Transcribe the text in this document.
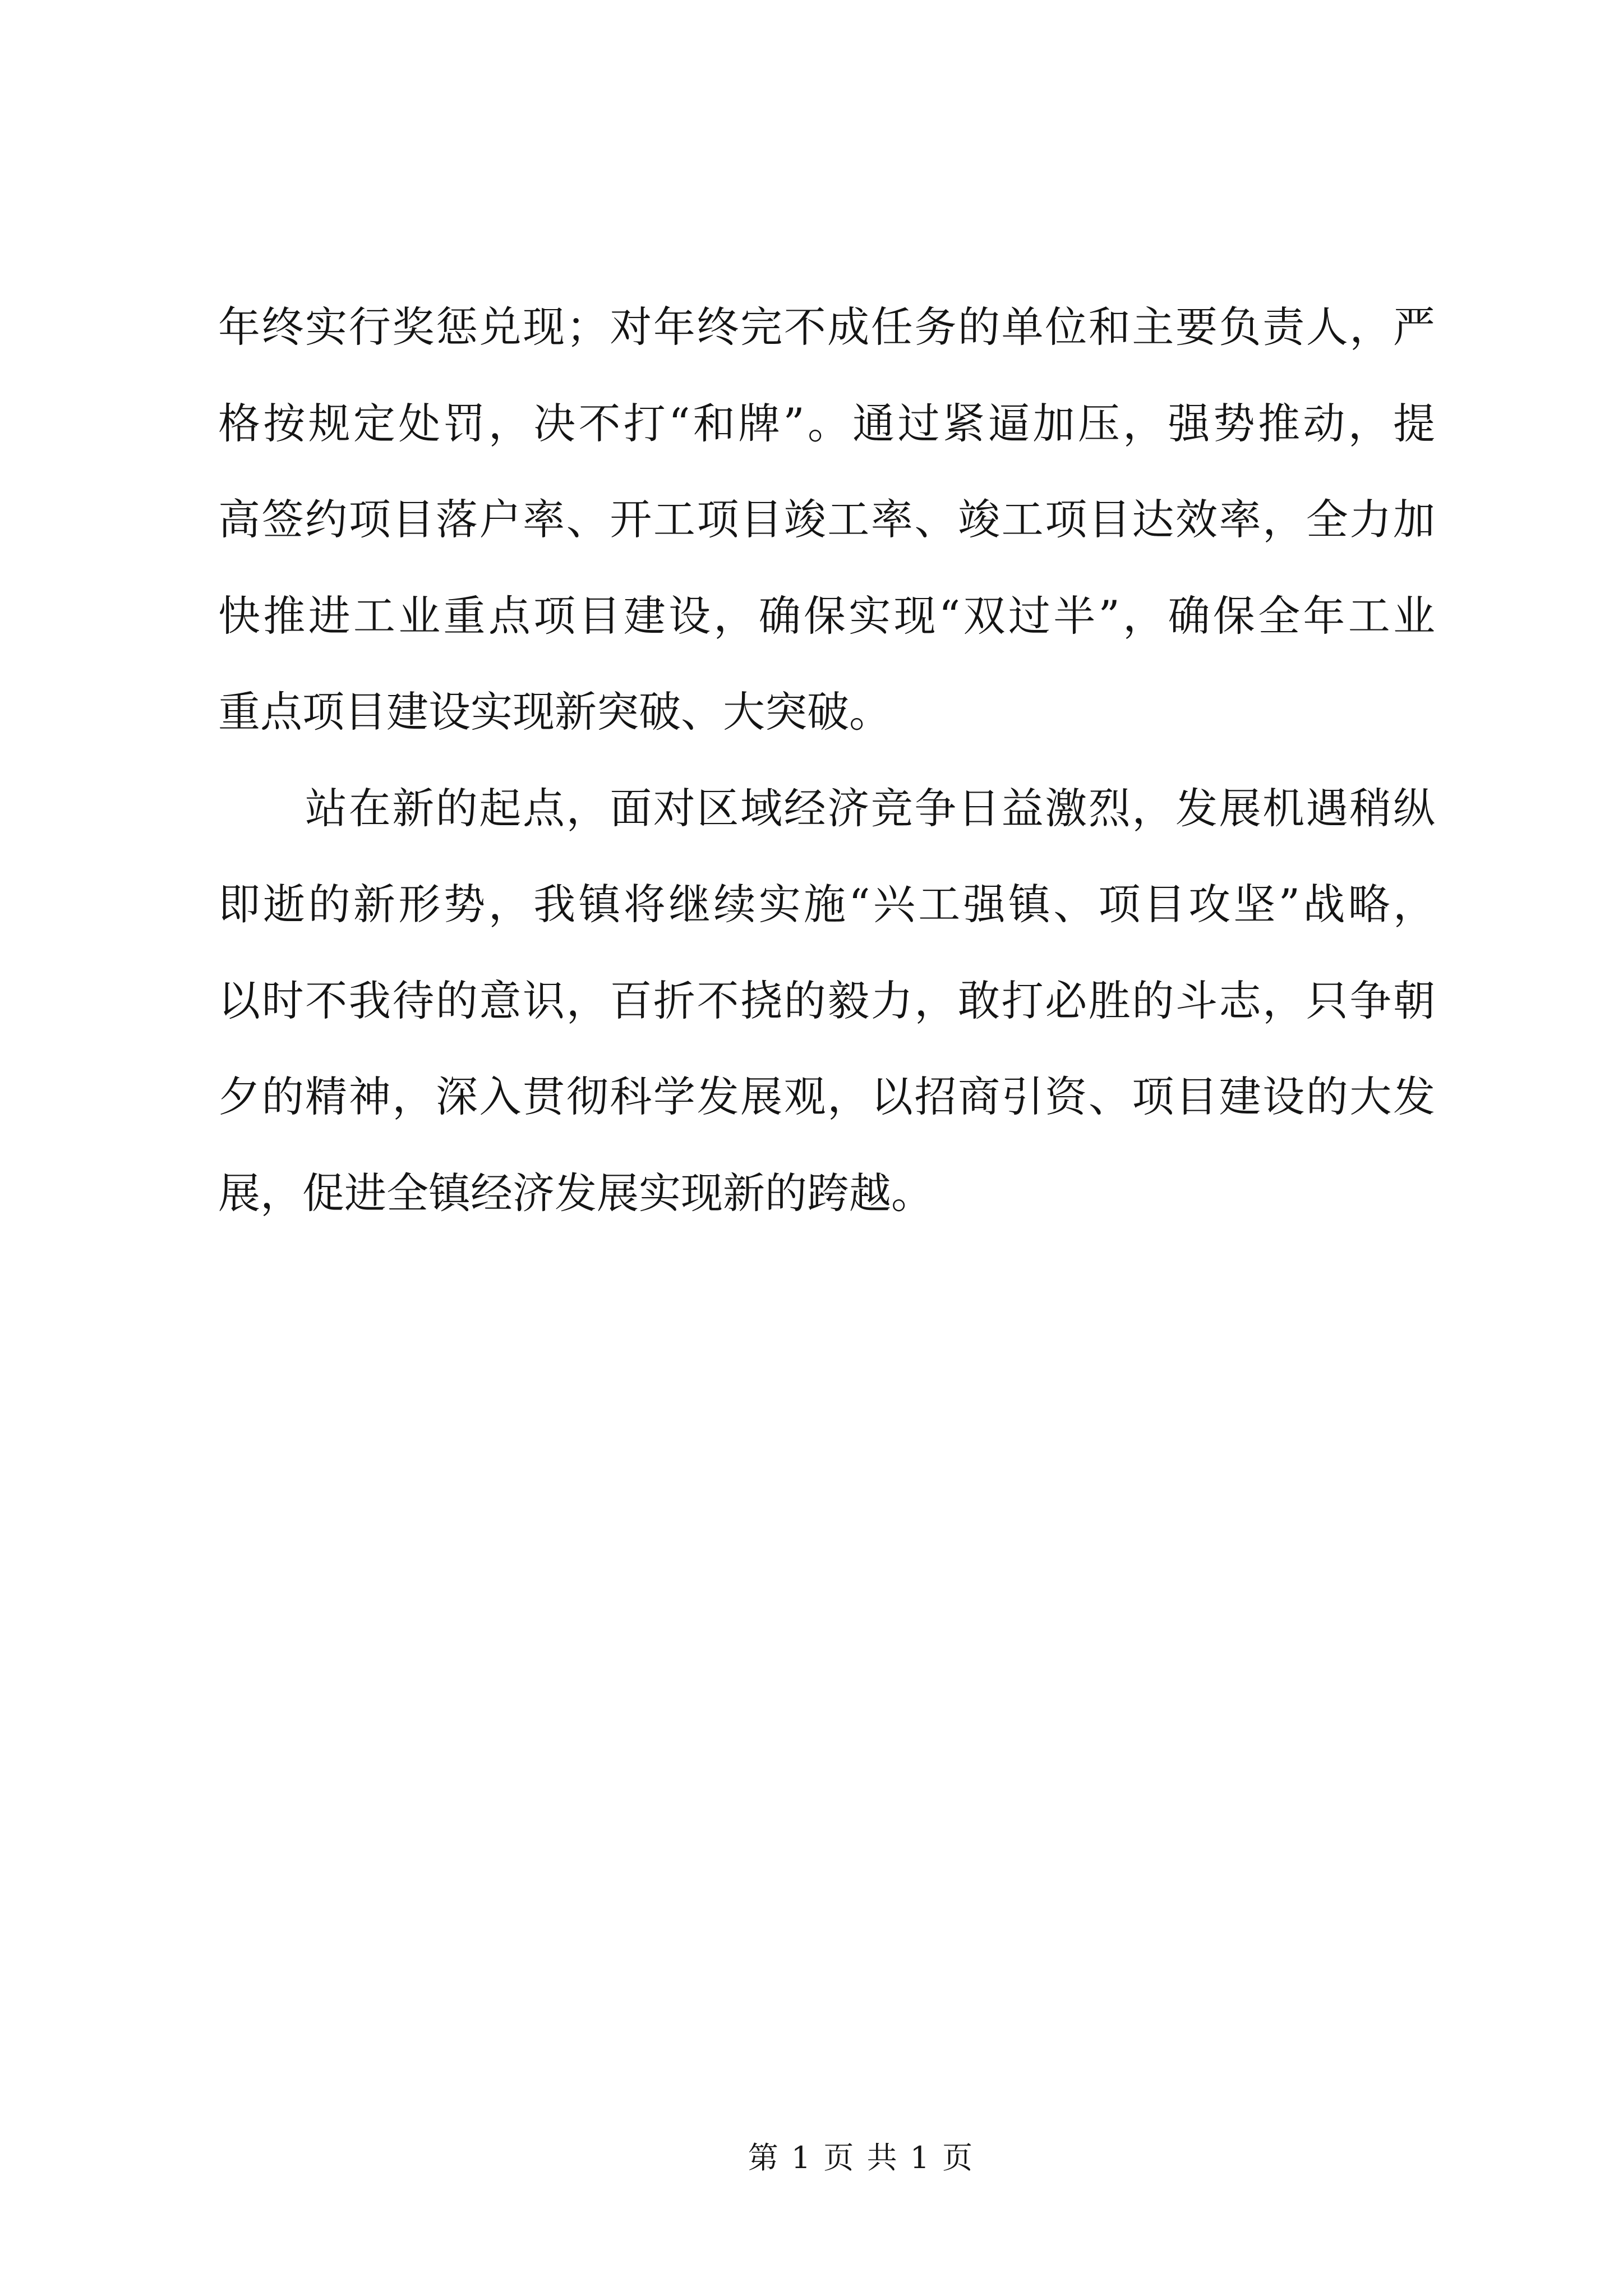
年终实行奖惩兑现；对年终完不成任务的单位和主要负责人，严
格按规定处罚，决不打“和牌”。通过紧逼加压，强势推动，提
高签约项目落户率、开工项目竣工率、竣工项目达效率，全力加
快推进工业重点项目建设，确保实现“双过半”，确保全年工业
重点项目建设实现新突破、大突破。
站在新的起点，面对区域经济竞争日益激烈，发展机遇稍纵
即逝的新形势，我镇将继续实施“兴工强镇、项目攻坚”战略，
以时不我待的意识，百折不挠的毅力，敢打必胜的斗志，只争朝
夕的精神，深入贯彻科学发展观，以招商引资、项目建设的大发
展，促进全镇经济发展实现新的跨越。
第 1 页 共 1 页
